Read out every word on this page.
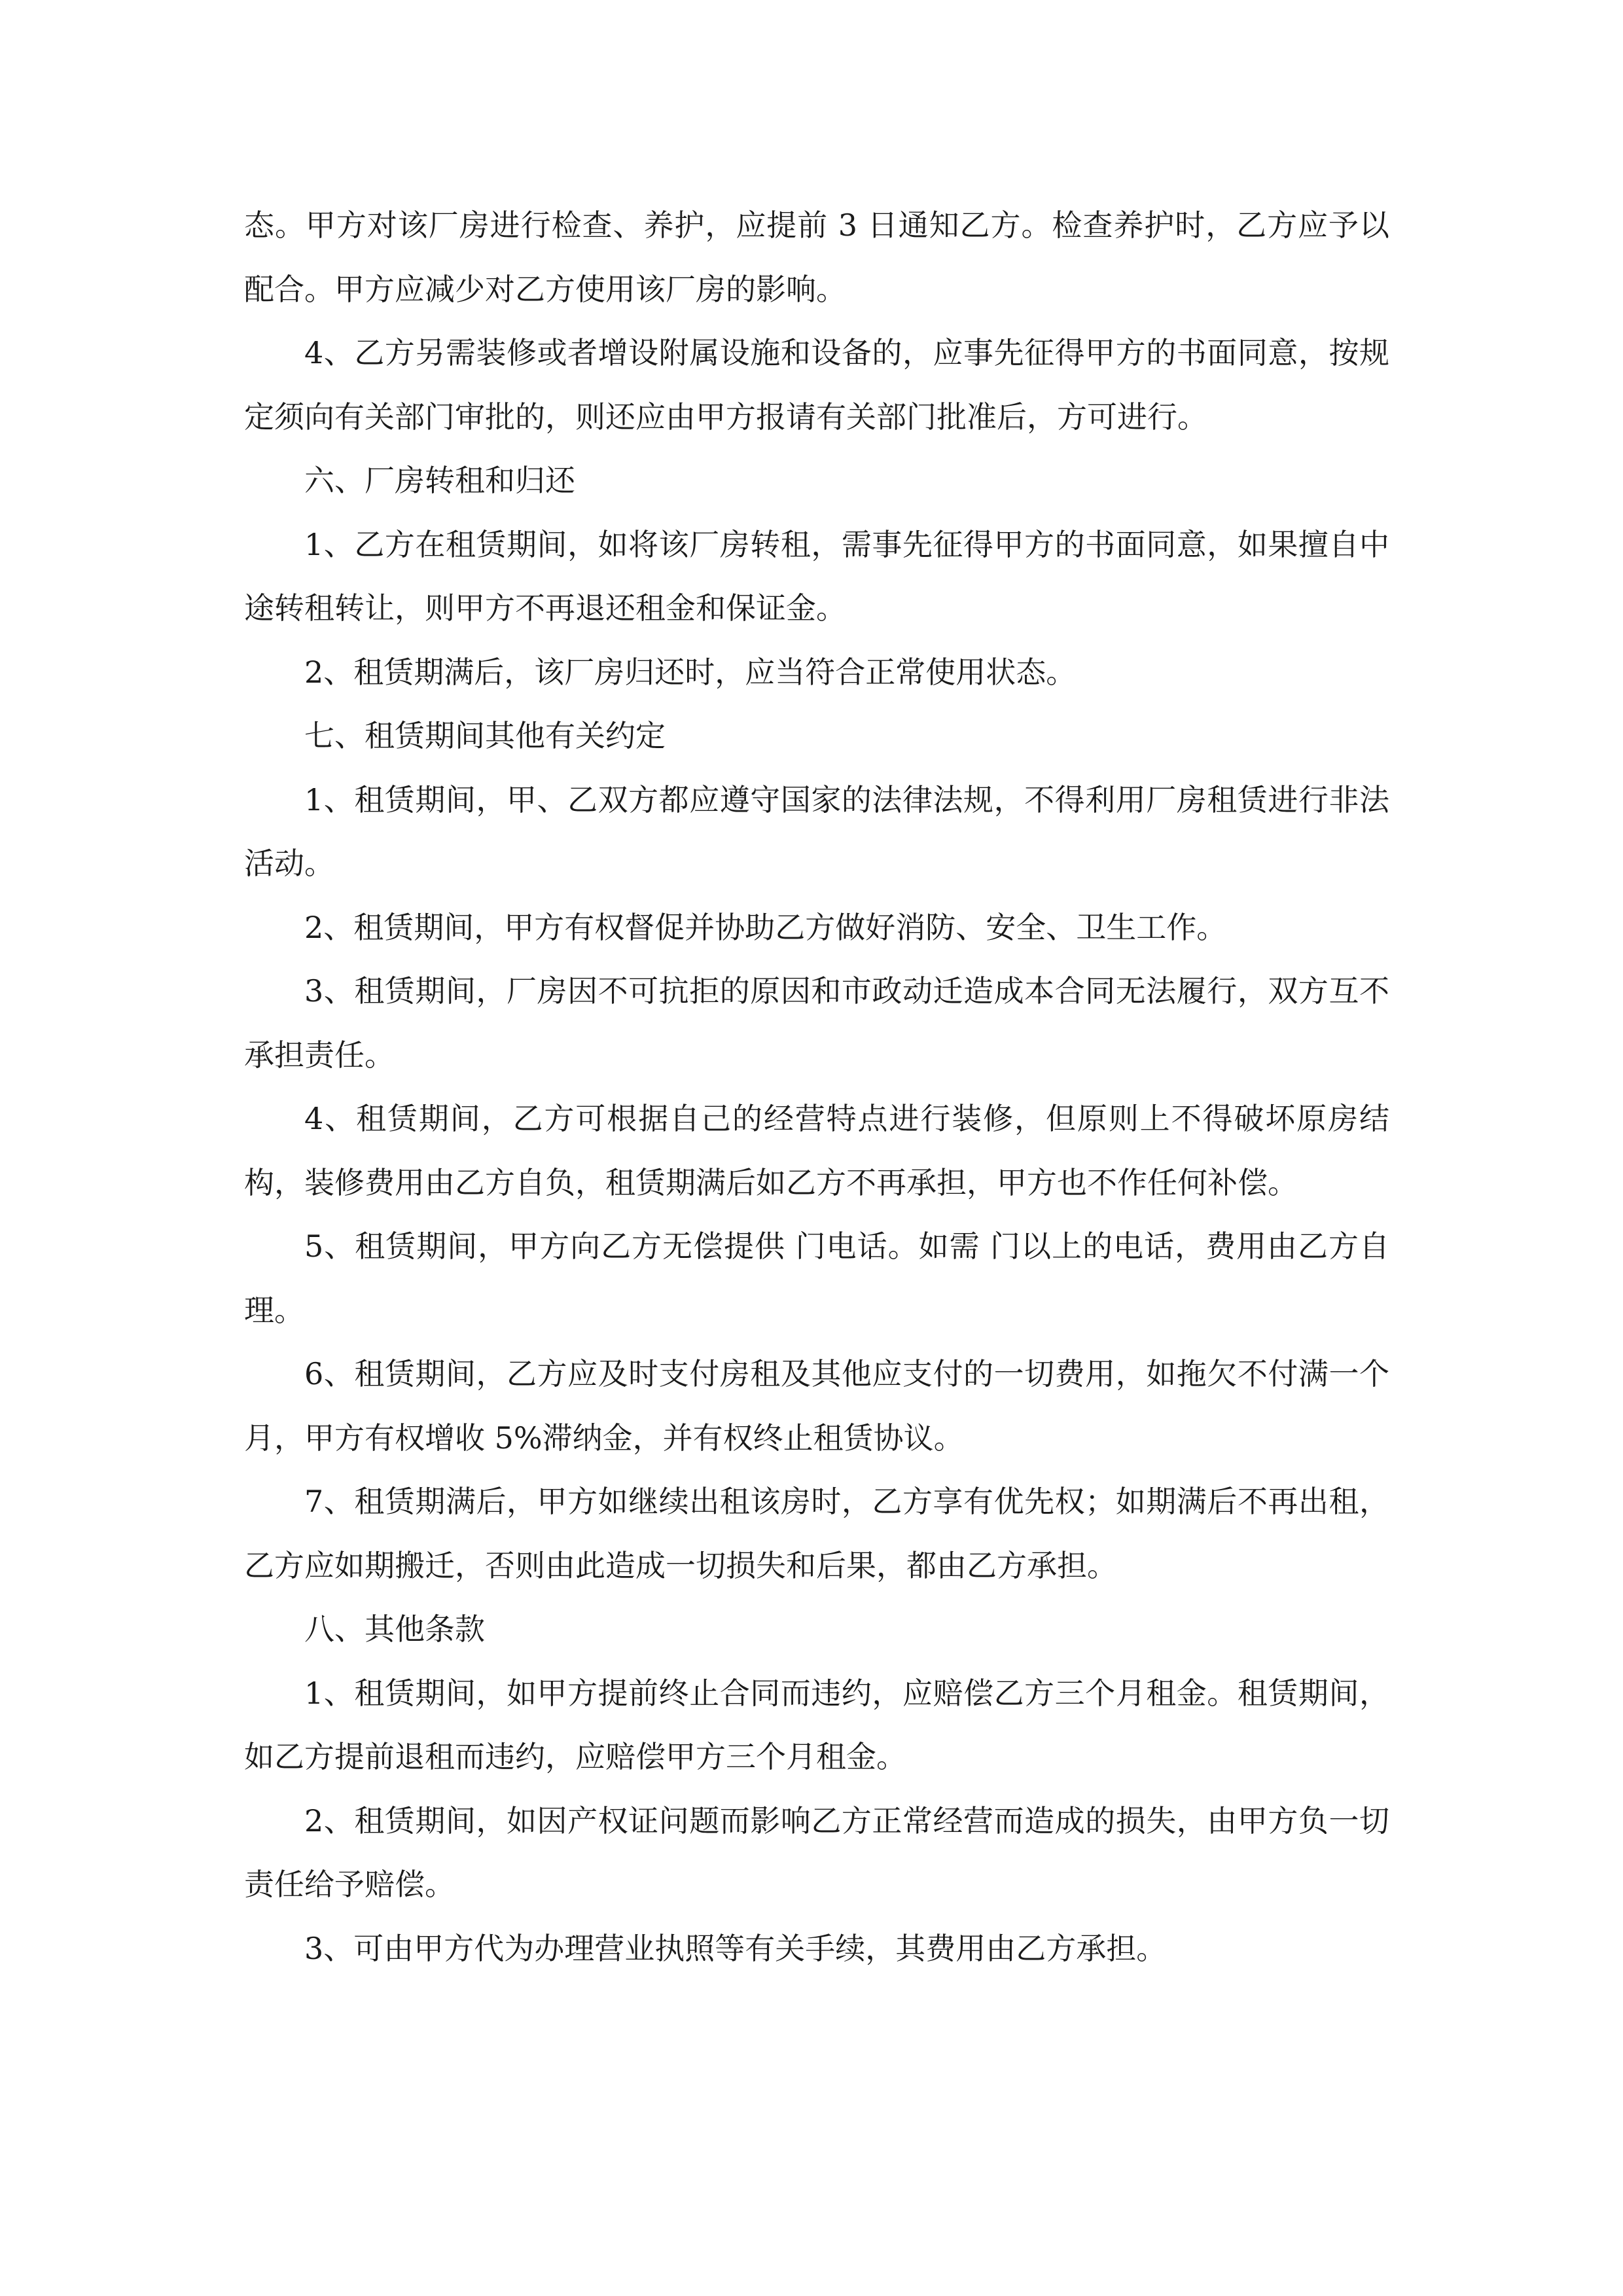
态。甲方对该厂房进行检查、养护，应提前 3 日通知乙方。检查养护时，乙方应予以配合。甲方应减少对乙方使用该厂房的影响。

4、乙方另需装修或者增设附属设施和设备的，应事先征得甲方的书面同意，按规定须向有关部门审批的，则还应由甲方报请有关部门批准后，方可进行。

六、厂房转租和归还

1、乙方在租赁期间，如将该厂房转租，需事先征得甲方的书面同意，如果擅自中途转租转让，则甲方不再退还租金和保证金。

2、租赁期满后，该厂房归还时，应当符合正常使用状态。

七、租赁期间其他有关约定

1、租赁期间，甲、乙双方都应遵守国家的法律法规，不得利用厂房租赁进行非法活动。

2、租赁期间，甲方有权督促并协助乙方做好消防、安全、卫生工作。

3、租赁期间，厂房因不可抗拒的原因和市政动迁造成本合同无法履行，双方互不承担责任。

4、租赁期间，乙方可根据自己的经营特点进行装修，但原则上不得破坏原房结构，装修费用由乙方自负，租赁期满后如乙方不再承担，甲方也不作任何补偿。

5、租赁期间，甲方向乙方无偿提供 门电话。如需 门以上的电话，费用由乙方自理。

6、租赁期间，乙方应及时支付房租及其他应支付的一切费用，如拖欠不付满一个月，甲方有权增收 5%滞纳金，并有权终止租赁协议。

7、租赁期满后，甲方如继续出租该房时，乙方享有优先权；如期满后不再出租，乙方应如期搬迁，否则由此造成一切损失和后果，都由乙方承担。

八、其他条款

1、租赁期间，如甲方提前终止合同而违约，应赔偿乙方三个月租金。租赁期间，如乙方提前退租而违约，应赔偿甲方三个月租金。

2、租赁期间，如因产权证问题而影响乙方正常经营而造成的损失，由甲方负一切责任给予赔偿。

3、可由甲方代为办理营业执照等有关手续，其费用由乙方承担。
